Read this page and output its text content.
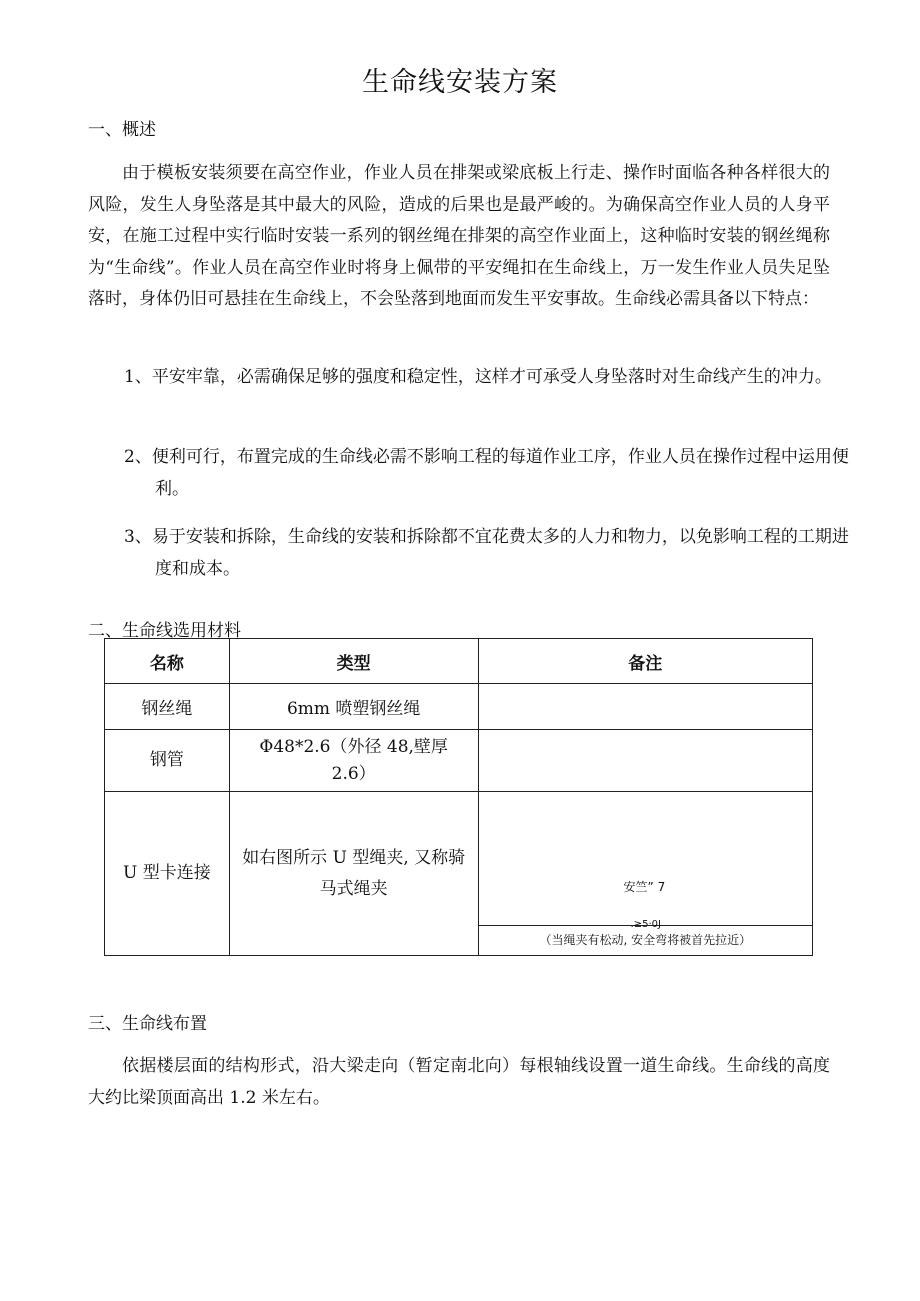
生命线安装方案
一、概述

由于模板安装须要在高空作业，作业人员在排架或梁底板上行走、操作时面临各种各样很大的风险，发生人身坠落是其中最大的风险，造成的后果也是最严峻的。为确保高空作业人员的人身平安，在施工过程中实行临时安装一系列的钢丝绳在排架的高空作业面上，这种临时安装的钢丝绳称为“生命线”。作业人员在高空作业时将身上佩带的平安绳扣在生命线上，万一发生作业人员失足坠落时，身体仍旧可悬挂在生命线上，不会坠落到地面而发生平安事故。生命线必需具备以下特点：

1、平安牢靠，必需确保足够的强度和稳定性，这样才可承受人身坠落时对生命线产生的冲力。

2、便利可行，布置完成的生命线必需不影响工程的每道作业工序，作业人员在操作过程中运用便利。

3、易于安装和拆除，生命线的安装和拆除都不宜花费太多的人力和物力，以免影响工程的工期进度和成本。

二、生命线选用材料
名称	类型	备注
钢丝绳	6mm 喷塑钢丝绳	
钢管	Φ48*2.6（外径 48,壁厚 2.6）	
U 型卡连接	如右图所示 U 型绳夹, 又称骑马式绳夹	安竺” 7
.≥5·0J
（当绳夹有松动, 安全弯将被首先拉近）
三、生命线布置

依据楼层面的结构形式，沿大梁走向（暂定南北向）每根轴线设置一道生命线。生命线的高度大约比梁顶面高出 1.2 米左右。
